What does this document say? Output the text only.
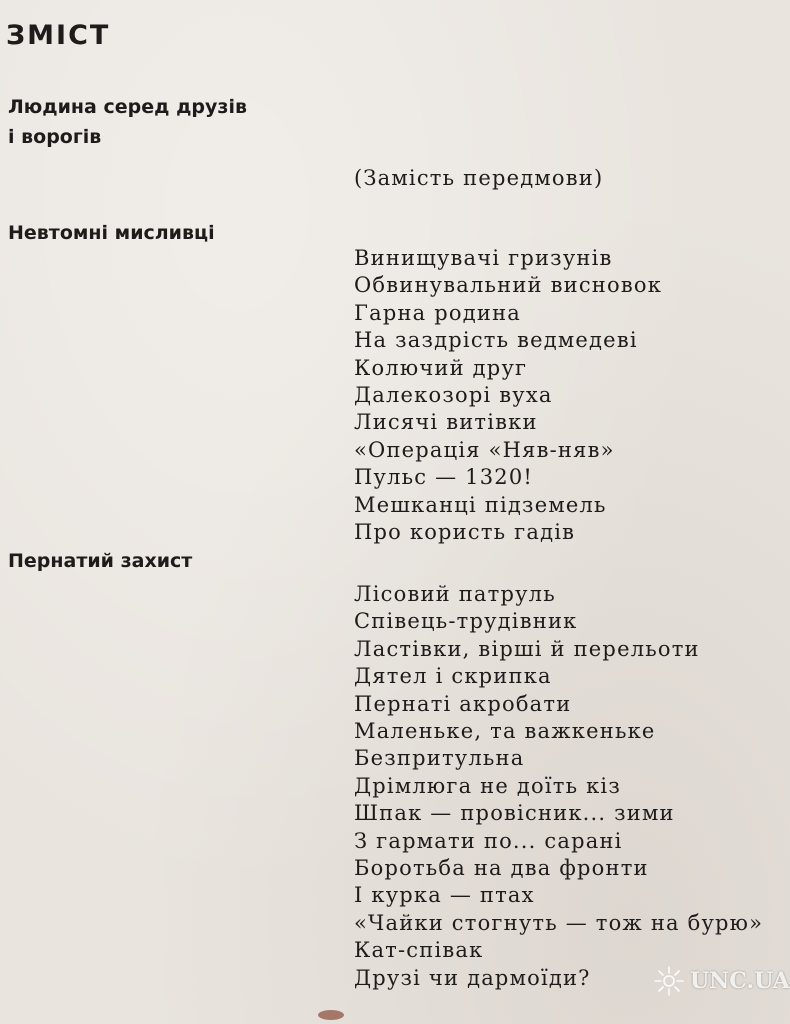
ЗМІСТ
Людина серед друзів
і ворогів

(Замість передмови)

Невтомні мисливці
Винищувачі гризунів
Обвинувальний висновок
Гарна родина
На заздрість ведмедеві
Колючий друг
Далекозорі вуха
Лисячі витівки
«Операція «Няв-няв»
Пульс — 1320!
Мешканці підземель
Про користь гадів
Пернатий захист
Лісовий патруль
Співець-трудівник
Ластівки, вірші й перельоти
Дятел і скрипка
Пернаті акробати
Маленьке, та важкеньке
Безпритульна
Дрімлюга не доїть кіз
Шпак — провісник... зими
З гармати по... сарані
Боротьба на два фронти
І курка — птах
«Чайки стогнуть — тож на бурю»
Кат-співак
Друзі чи дармоїди?	UNC.UA
